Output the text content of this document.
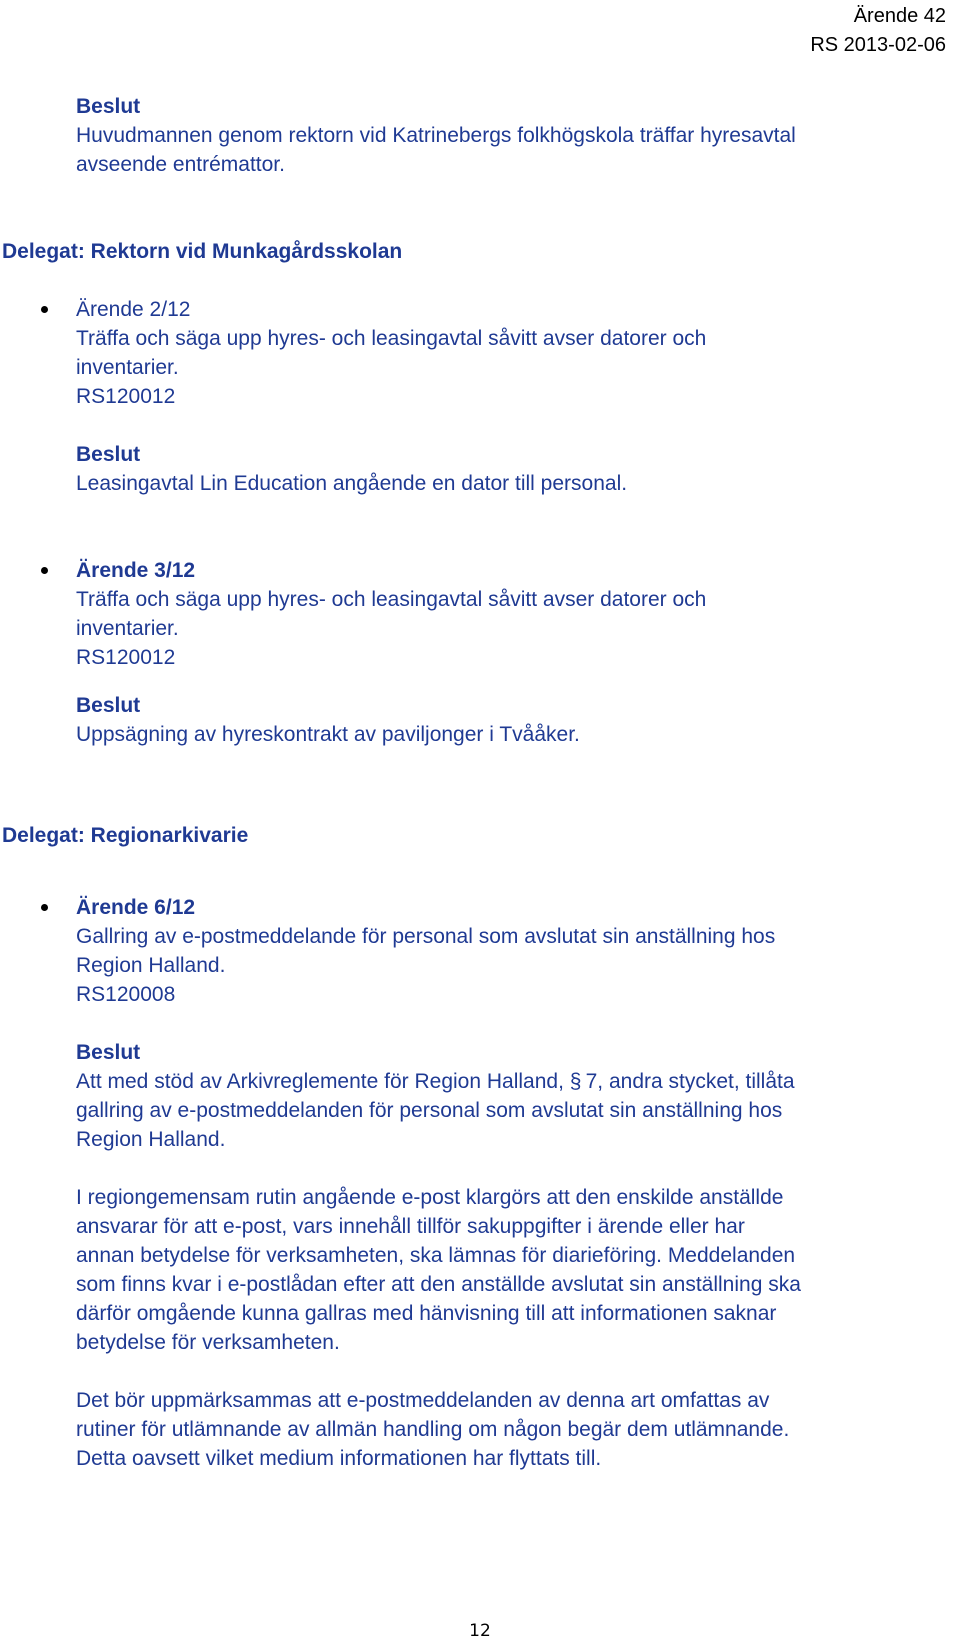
Ärende 42
RS 2013-02-06
Beslut
Huvudmannen genom rektorn vid Katrinebergs folkhögskola träffar hyresavtal
avseende entrémattor.
Delegat: Rektorn vid Munkagårdsskolan
Ärende 2/12
Träffa och säga upp hyres- och leasingavtal såvitt avser datorer och
inventarier.
RS120012
Beslut
Leasingavtal Lin Education angående en dator till personal.
Ärende 3/12
Träffa och säga upp hyres- och leasingavtal såvitt avser datorer och
inventarier.
RS120012
Beslut
Uppsägning av hyreskontrakt av paviljonger i Tvååker.
Delegat: Regionarkivarie
Ärende 6/12
Gallring av e-postmeddelande för personal som avslutat sin anställning hos
Region Halland.
RS120008
Beslut
Att med stöd av Arkivreglemente för Region Halland, § 7, andra stycket, tillåta
gallring av e-postmeddelanden för personal som avslutat sin anställning hos
Region Halland.
I regiongemensam rutin angående e-post klargörs att den enskilde anställde
ansvarar för att e-post, vars innehåll tillför sakuppgifter i ärende eller har
annan betydelse för verksamheten, ska lämnas för diarieföring. Meddelanden
som finns kvar i e-postlådan efter att den anställde avslutat sin anställning ska
därför omgående kunna gallras med hänvisning till att informationen saknar
betydelse för verksamheten.
Det bör uppmärksammas att e-postmeddelanden av denna art omfattas av
rutiner för utlämnande av allmän handling om någon begär dem utlämnande.
Detta oavsett vilket medium informationen har flyttats till.
12
